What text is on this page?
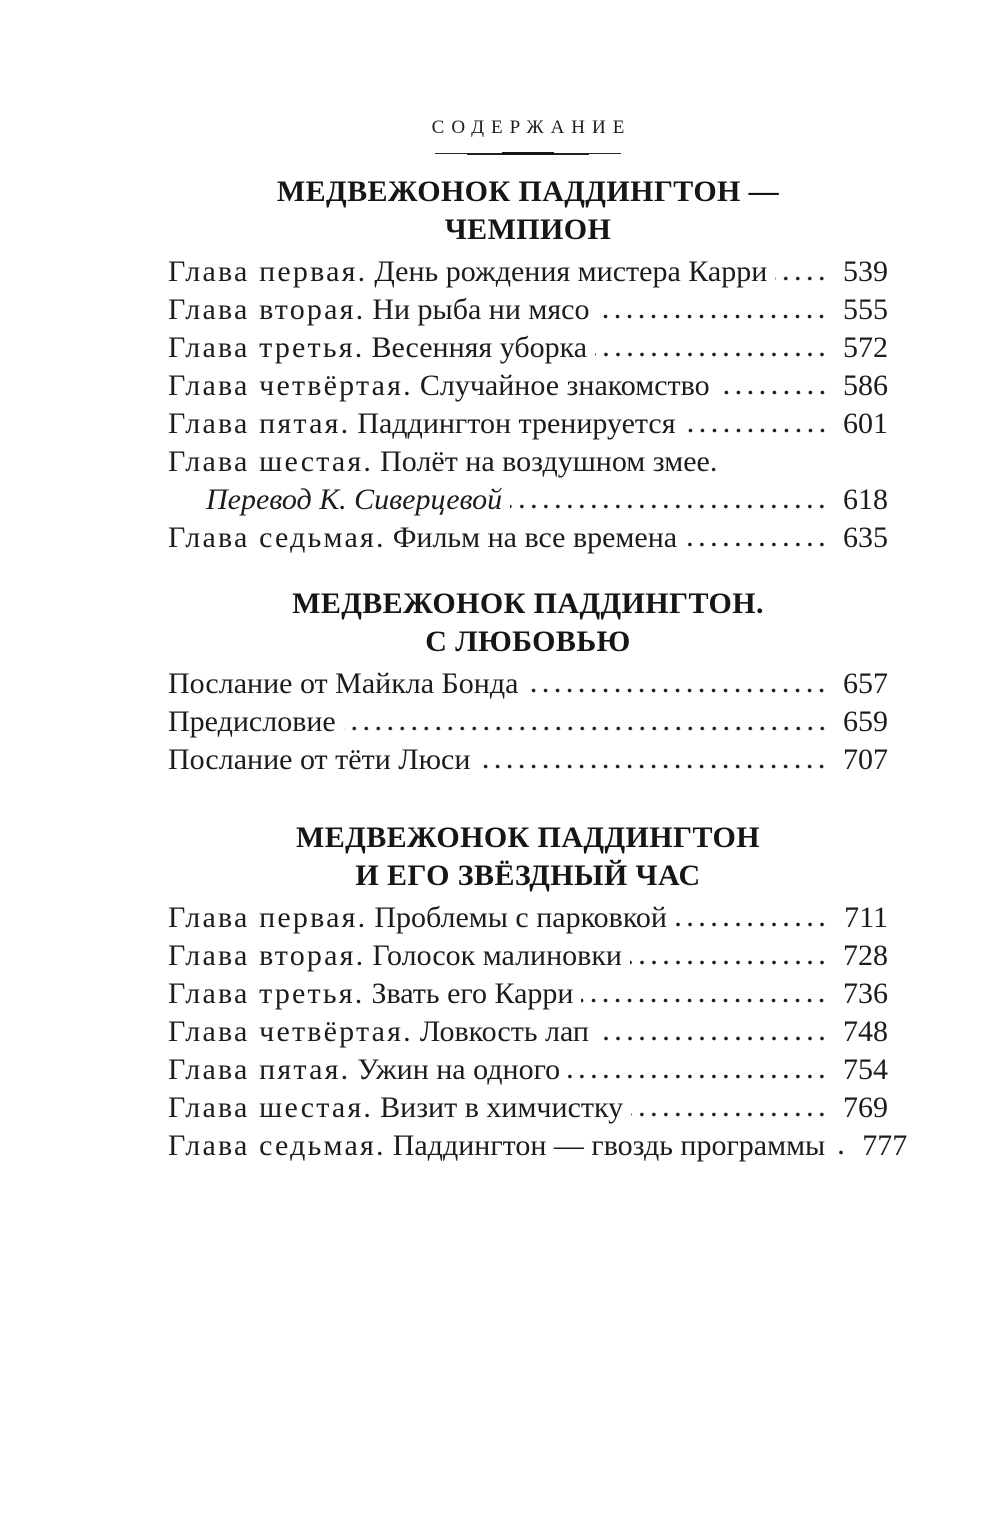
СОДЕРЖАНИЕ
МЕДВЕЖОНОК ПАДДИНГТОН —
ЧЕМПИОН
Глава первая. День рождения мистера Карри	539
Глава вторая. Ни рыба ни мясо	555
Глава третья. Весенняя уборка	572
Глава четвёртая. Случайное знакомство	586
Глава пятая. Паддингтон тренируется	601
Глава шестая. Полёт на воздушном змее.
Перевод К. Сиверцевой	618
Глава седьмая. Фильм на все времена	635
МЕДВЕЖОНОК ПАДДИНГТОН.
С ЛЮБОВЬЮ
Послание от Майкла Бонда	657
Предисловие	659
Послание от тёти Люси	707
МЕДВЕЖОНОК ПАДДИНГТОН
И ЕГО ЗВЁЗДНЫЙ ЧАС
Глава первая. Проблемы с парковкой	711
Глава вторая. Голосок малиновки	728
Глава третья. Звать его Карри	736
Глава четвёртая. Ловкость лап	748
Глава пятая. Ужин на одного	754
Глава шестая. Визит в химчистку	769
Глава седьмая. Паддингтон — гвоздь программы 777
